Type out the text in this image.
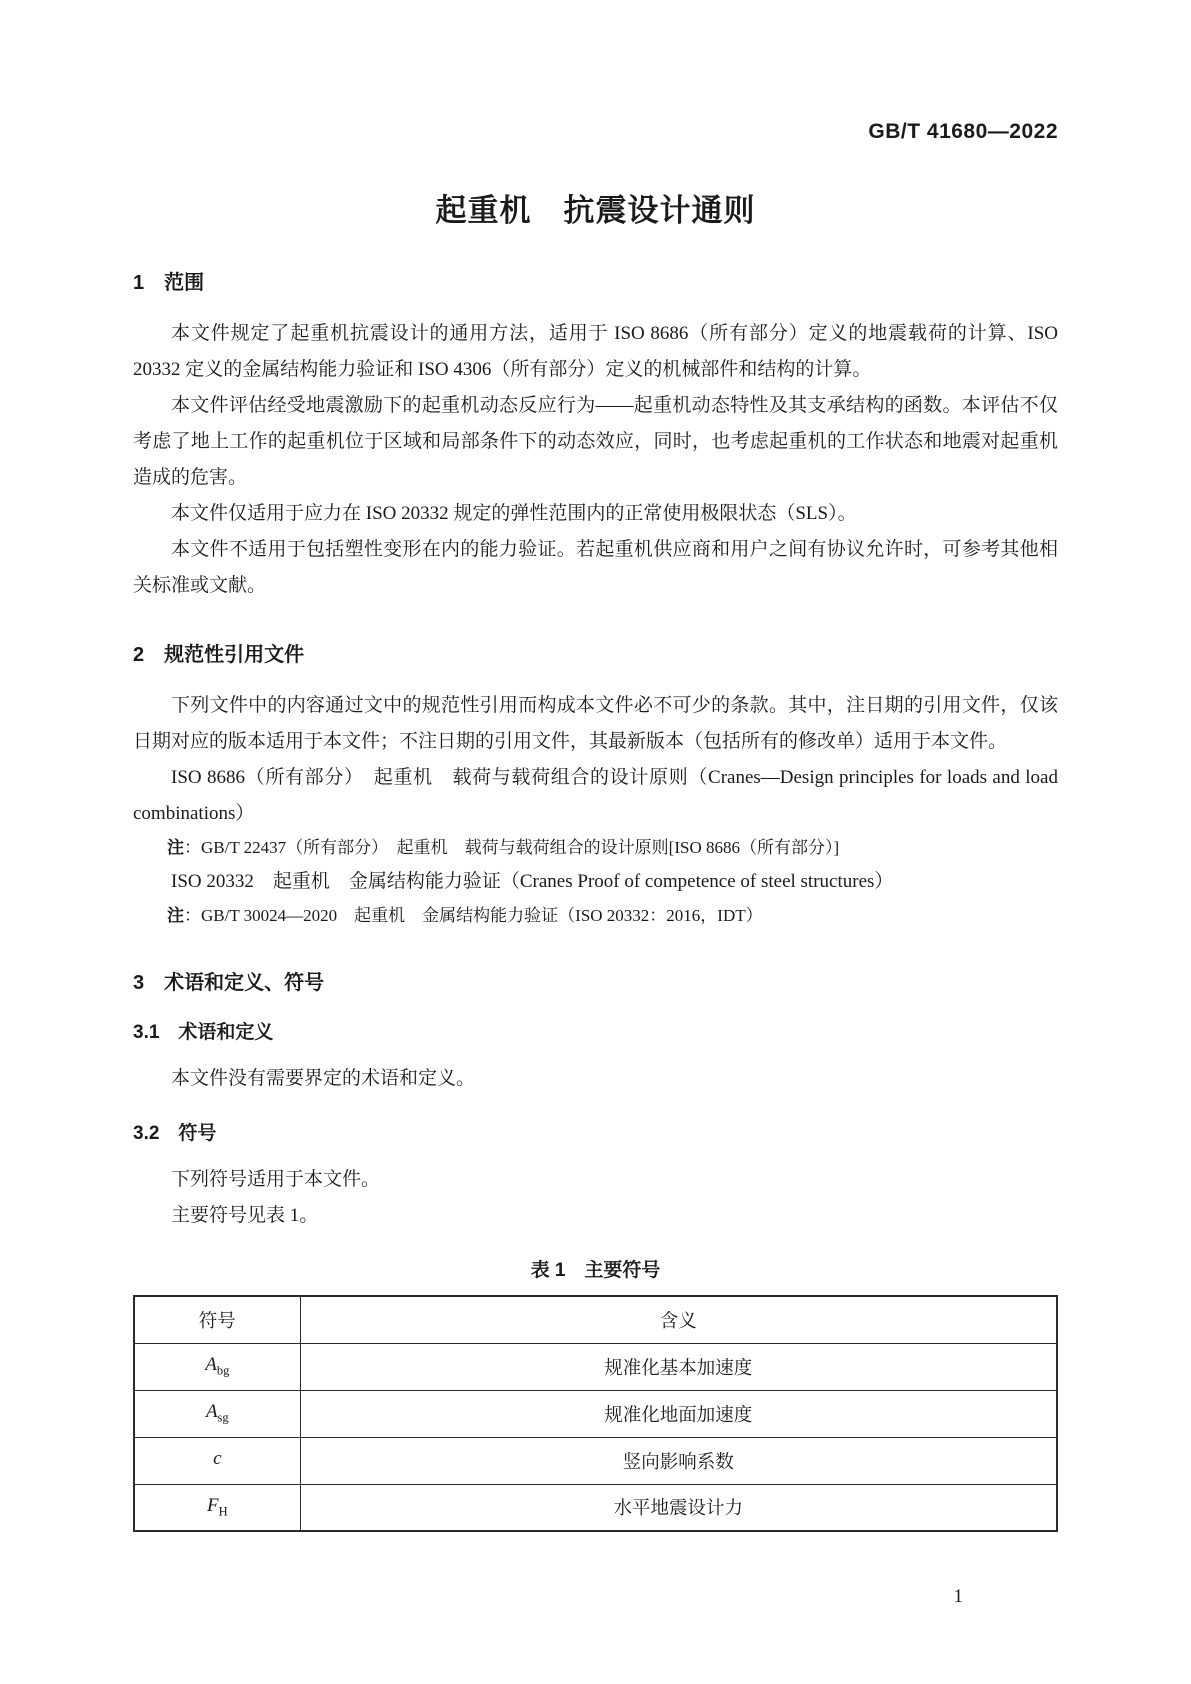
GB/T 41680—2022
起重机　抗震设计通则
1　范围

本文件规定了起重机抗震设计的通用方法，适用于 ISO 8686（所有部分）定义的地震载荷的计算、ISO 20332 定义的金属结构能力验证和 ISO 4306（所有部分）定义的机械部件和结构的计算。

本文件评估经受地震激励下的起重机动态反应行为——起重机动态特性及其支承结构的函数。本评估不仅考虑了地上工作的起重机位于区域和局部条件下的动态效应，同时，也考虑起重机的工作状态和地震对起重机造成的危害。

本文件仅适用于应力在 ISO 20332 规定的弹性范围内的正常使用极限状态（SLS）。

本文件不适用于包括塑性变形在内的能力验证。若起重机供应商和用户之间有协议允许时，可参考其他相关标准或文献。

2　规范性引用文件

下列文件中的内容通过文中的规范性引用而构成本文件必不可少的条款。其中，注日期的引用文件，仅该日期对应的版本适用于本文件；不注日期的引用文件，其最新版本（包括所有的修改单）适用于本文件。

ISO 8686（所有部分）　起重机　载荷与载荷组合的设计原则（Cranes—Design principles for loads and load combinations）

注：GB/T 22437（所有部分）　起重机　载荷与载荷组合的设计原则[ISO 8686（所有部分）]

ISO 20332　起重机　金属结构能力验证（Cranes Proof of competence of steel structures）

注：GB/T 30024—2020　起重机　金属结构能力验证（ISO 20332：2016，IDT）

3　术语和定义、符号
3.1　术语和定义

本文件没有需要界定的术语和定义。

3.2　符号

下列符号适用于本文件。

主要符号见表 1。

表 1　主要符号
符号	含义
$A_{bg}$	规准化基本加速度
$A_{sg}$	规准化地面加速度
c	竖向影响系数
$F_H$	水平地震设计力
1
